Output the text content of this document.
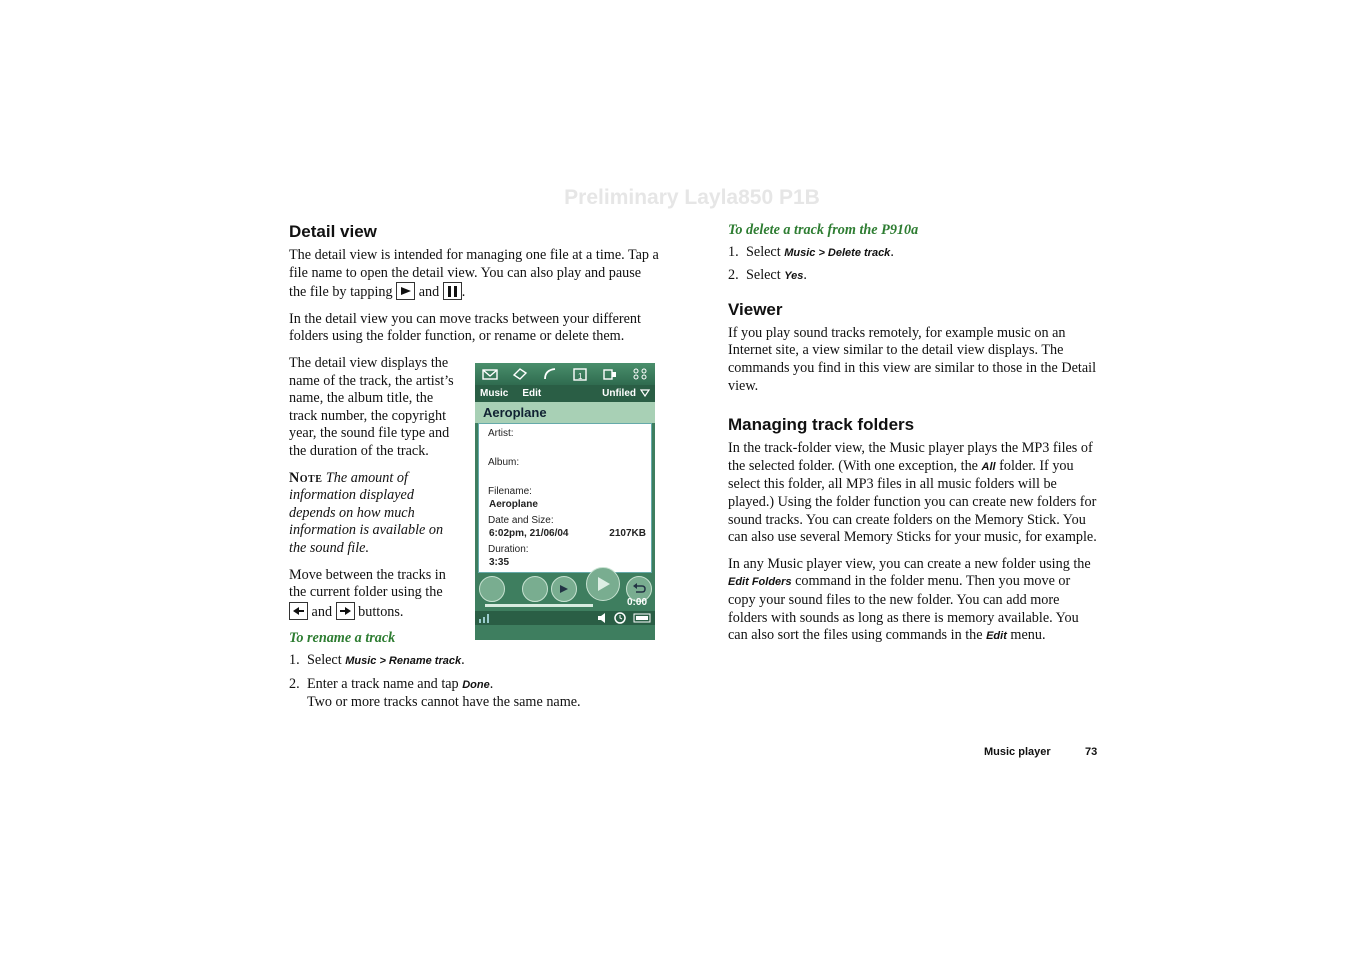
Preliminary Layla850 P1B
Detail view

The detail view is intended for managing one file at a time. Tap a file name to open the detail view. You can also play and pause the file by tapping and .

In the detail view you can move tracks between your different folders using the folder function, or rename or delete them.

The detail view displays the name of the track, the artist’s name, the album title, the track number, the copyright year, the sound file type and the duration of the track.

Note The amount of information displayed depends on how much information is available on the sound file.

Move between the tracks in the current folder using the
and buttons.

To rename a track
1. Select Music > Rename track.
2. Enter a track name and tap Done.
Two or more tracks cannot have the same name.
1
Music Edit	Unfiled
Aeroplane
Artist:
Album:
Filename:
Aeroplane
Date and Size:
6:02pm, 21/06/04	2107KB
Duration:
3:35
0:00
To delete a track from the P910a
1. Select Music > Delete track.
2. Select Yes.
Viewer

If you play sound tracks remotely, for example music on an Internet site, a view similar to the detail view displays. The commands you find in this view are similar to those in the Detail view.

Managing track folders

In the track-folder view, the Music player plays the MP3 files of the selected folder. (With one exception, the All folder. If you select this folder, all MP3 files in all music folders will be played.) Using the folder function you can create new folders for sound tracks. You can create folders on the Memory Stick. You can also use several Memory Sticks for your music, for example.

In any Music player view, you can create a new folder using the Edit Folders command in the folder menu. Then you move or copy your sound files to the new folder. You can add more folders with sounds as long as there is memory available. You can also sort the files using commands in the Edit menu.

Music player	73
